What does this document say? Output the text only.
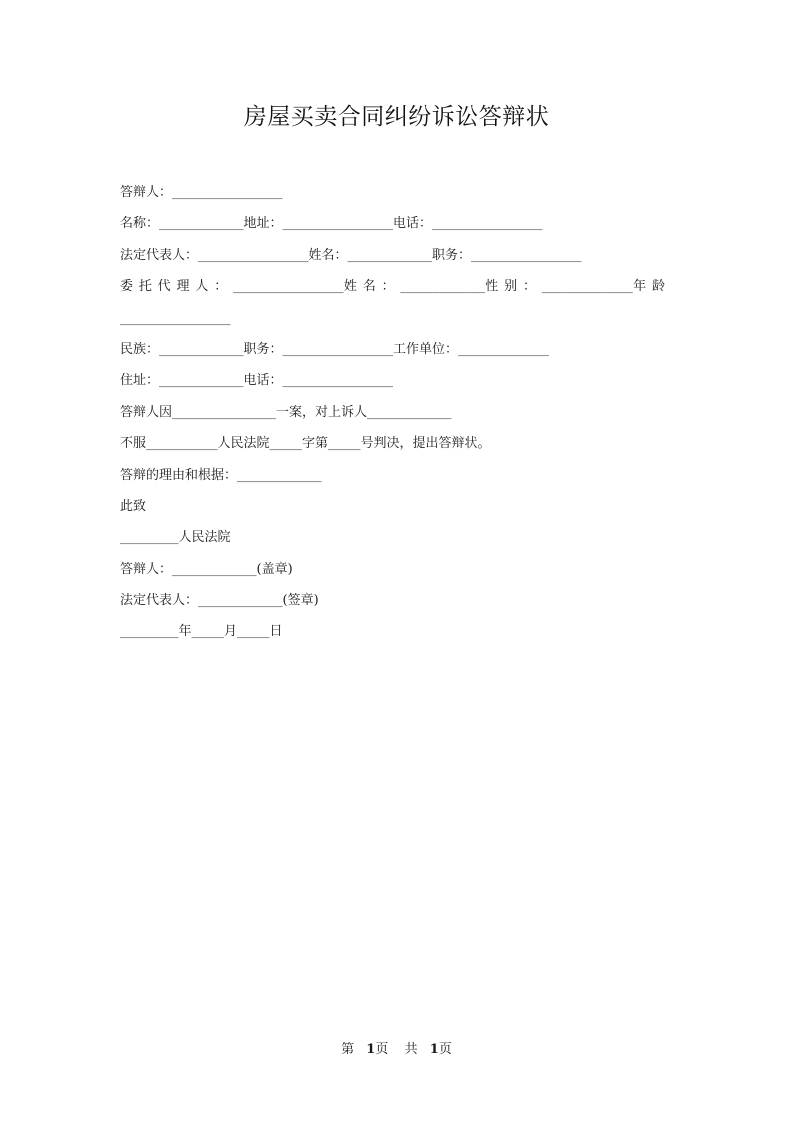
房屋买卖合同纠纷诉讼答辩状
答辩人：_________________
名称：_____________地址：_________________电话：_________________
法定代表人：_________________姓名：_____________职务：_________________
委 托 代 理 人 ： _________________姓 名 ： _____________性 别 ： ______________年 龄
_________________
民族：_____________职务：_________________工作单位：______________
住址：_____________电话：_________________
答辩人因________________一案，对上诉人_____________
不服___________人民法院_____字第_____号判决，提出答辩状。
答辩的理由和根据：_____________
此致
_________人民法院
答辩人：_____________(盖章)
法定代表人：_____________(签章)
_________年_____月_____日
第 1页 共 1页
